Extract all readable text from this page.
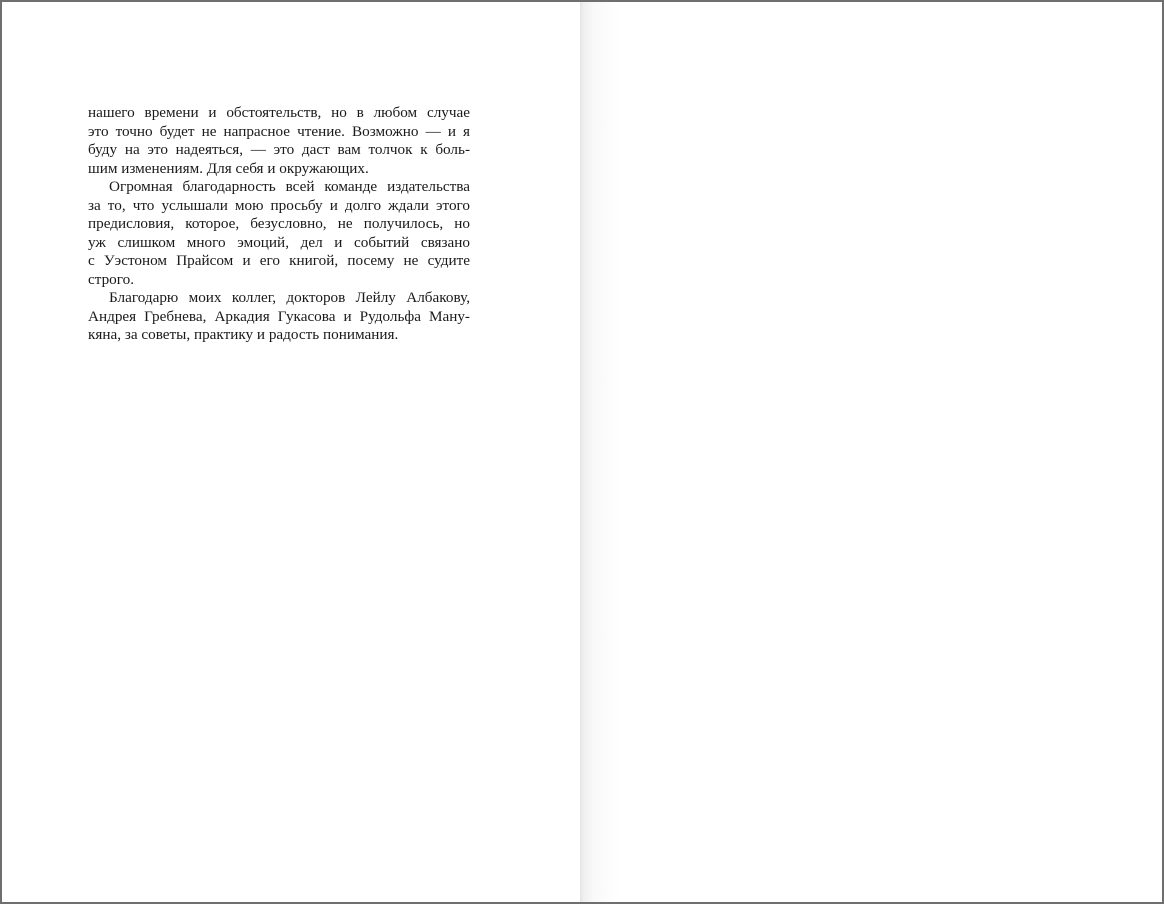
нашего времени и обстоятельств, но в любом случае
это точно будет не напрасное чтение. Возможно — и я
буду на это надеяться, — это даст вам толчок к боль-
шим изменениям. Для себя и окружающих.

Огромная благодарность всей команде издательства
за то, что услышали мою просьбу и долго ждали этого
предисловия, которое, безусловно, не получилось, но
уж слишком много эмоций, дел и событий связано
с Уэстоном Прайсом и его книгой, посему не судите
строго.

Благодарю моих коллег, докторов Лейлу Албакову,
Андрея Гребнева, Аркадия Гукасова и Рудольфа Ману-
кяна, за советы, практику и радость понимания.
